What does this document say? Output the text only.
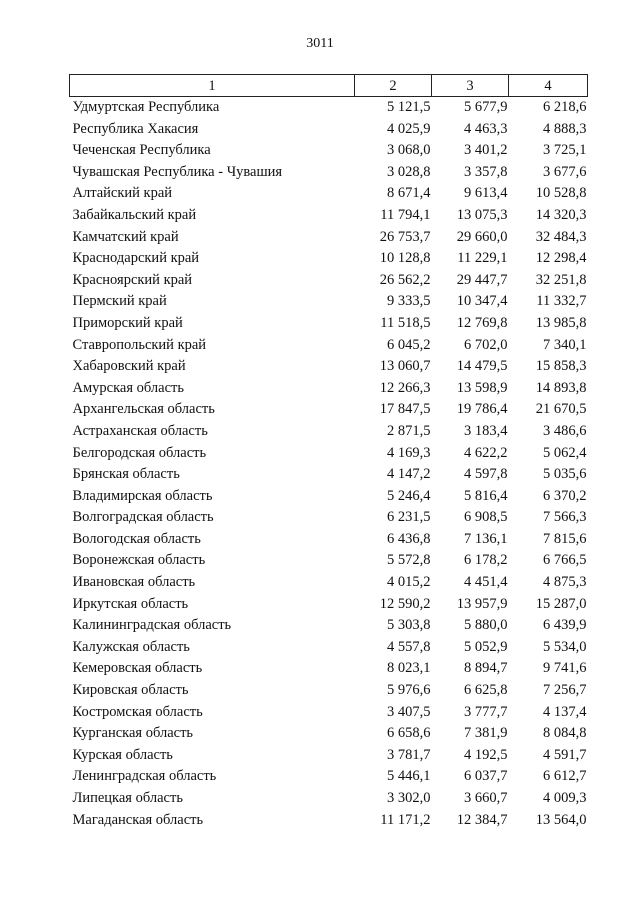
3011
1	2	3	4
Удмуртская Республика	5 121,5	5 677,9	6 218,6
Республика Хакасия	4 025,9	4 463,3	4 888,3
Чеченская Республика	3 068,0	3 401,2	3 725,1
Чувашская Республика - Чувашия	3 028,8	3 357,8	3 677,6
Алтайский край	8 671,4	9 613,4	10 528,8
Забайкальский край	11 794,1	13 075,3	14 320,3
Камчатский край	26 753,7	29 660,0	32 484,3
Краснодарский край	10 128,8	11 229,1	12 298,4
Красноярский край	26 562,2	29 447,7	32 251,8
Пермский край	9 333,5	10 347,4	11 332,7
Приморский край	11 518,5	12 769,8	13 985,8
Ставропольский край	6 045,2	6 702,0	7 340,1
Хабаровский край	13 060,7	14 479,5	15 858,3
Амурская область	12 266,3	13 598,9	14 893,8
Архангельская область	17 847,5	19 786,4	21 670,5
Астраханская область	2 871,5	3 183,4	3 486,6
Белгородская область	4 169,3	4 622,2	5 062,4
Брянская область	4 147,2	4 597,8	5 035,6
Владимирская область	5 246,4	5 816,4	6 370,2
Волгоградская область	6 231,5	6 908,5	7 566,3
Вологодская область	6 436,8	7 136,1	7 815,6
Воронежская область	5 572,8	6 178,2	6 766,5
Ивановская область	4 015,2	4 451,4	4 875,3
Иркутская область	12 590,2	13 957,9	15 287,0
Калининградская область	5 303,8	5 880,0	6 439,9
Калужская область	4 557,8	5 052,9	5 534,0
Кемеровская область	8 023,1	8 894,7	9 741,6
Кировская область	5 976,6	6 625,8	7 256,7
Костромская область	3 407,5	3 777,7	4 137,4
Курганская область	6 658,6	7 381,9	8 084,8
Курская область	3 781,7	4 192,5	4 591,7
Ленинградская область	5 446,1	6 037,7	6 612,7
Липецкая область	3 302,0	3 660,7	4 009,3
Магаданская область	11 171,2	12 384,7	13 564,0
